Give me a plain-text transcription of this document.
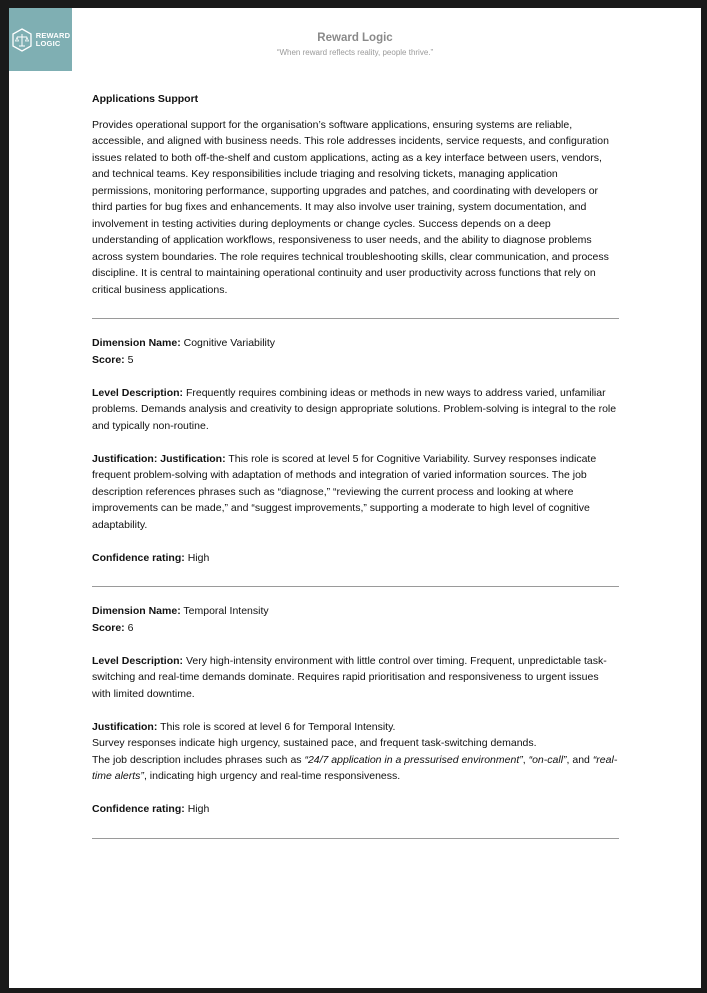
REWARD
LOGIC	Reward Logic
“When reward reflects reality, people thrive.”

Applications Support

Provides operational support for the organisation’s software applications, ensuring systems are reliable, accessible, and aligned with business needs. This role addresses incidents, service requests, and configuration issues related to both off-the-shelf and custom applications, acting as a key interface between users, vendors, and technical teams. Key responsibilities include triaging and resolving tickets, managing application permissions, monitoring performance, supporting upgrades and patches, and coordinating with developers or third parties for bug fixes and enhancements. It may also involve user training, system documentation, and involvement in testing activities during deployments or change cycles. Success depends on a deep understanding of application workflows, responsiveness to user needs, and the ability to diagnose problems across system boundaries. The role requires technical troubleshooting skills, clear communication, and process discipline. It is central to maintaining operational continuity and user productivity across functions that rely on critical business applications.

Dimension Name: Cognitive Variability

Score: 5

Level Description: Frequently requires combining ideas or methods in new ways to address varied, unfamiliar problems. Demands analysis and creativity to design appropriate solutions. Problem-solving is integral to the role and typically non-routine.

Justification: Justification: This role is scored at level 5 for Cognitive Variability. Survey responses indicate frequent problem-solving with adaptation of methods and integration of varied information sources. The job description references phrases such as “diagnose,” “reviewing the current process and looking at where improvements can be made,” and “suggest improvements,” supporting a moderate to high level of cognitive adaptability.

Confidence rating: High

Dimension Name: Temporal Intensity

Score: 6

Level Description: Very high-intensity environment with little control over timing. Frequent, unpredictable task-switching and real-time demands dominate. Requires rapid prioritisation and responsiveness to urgent issues with limited downtime.

Justification: This role is scored at level 6 for Temporal Intensity.

Survey responses indicate high urgency, sustained pace, and frequent task-switching demands.

The job description includes phrases such as “24/7 application in a pressurised environment”, “on-call”, and “real-time alerts”, indicating high urgency and real-time responsiveness.

Confidence rating: High
